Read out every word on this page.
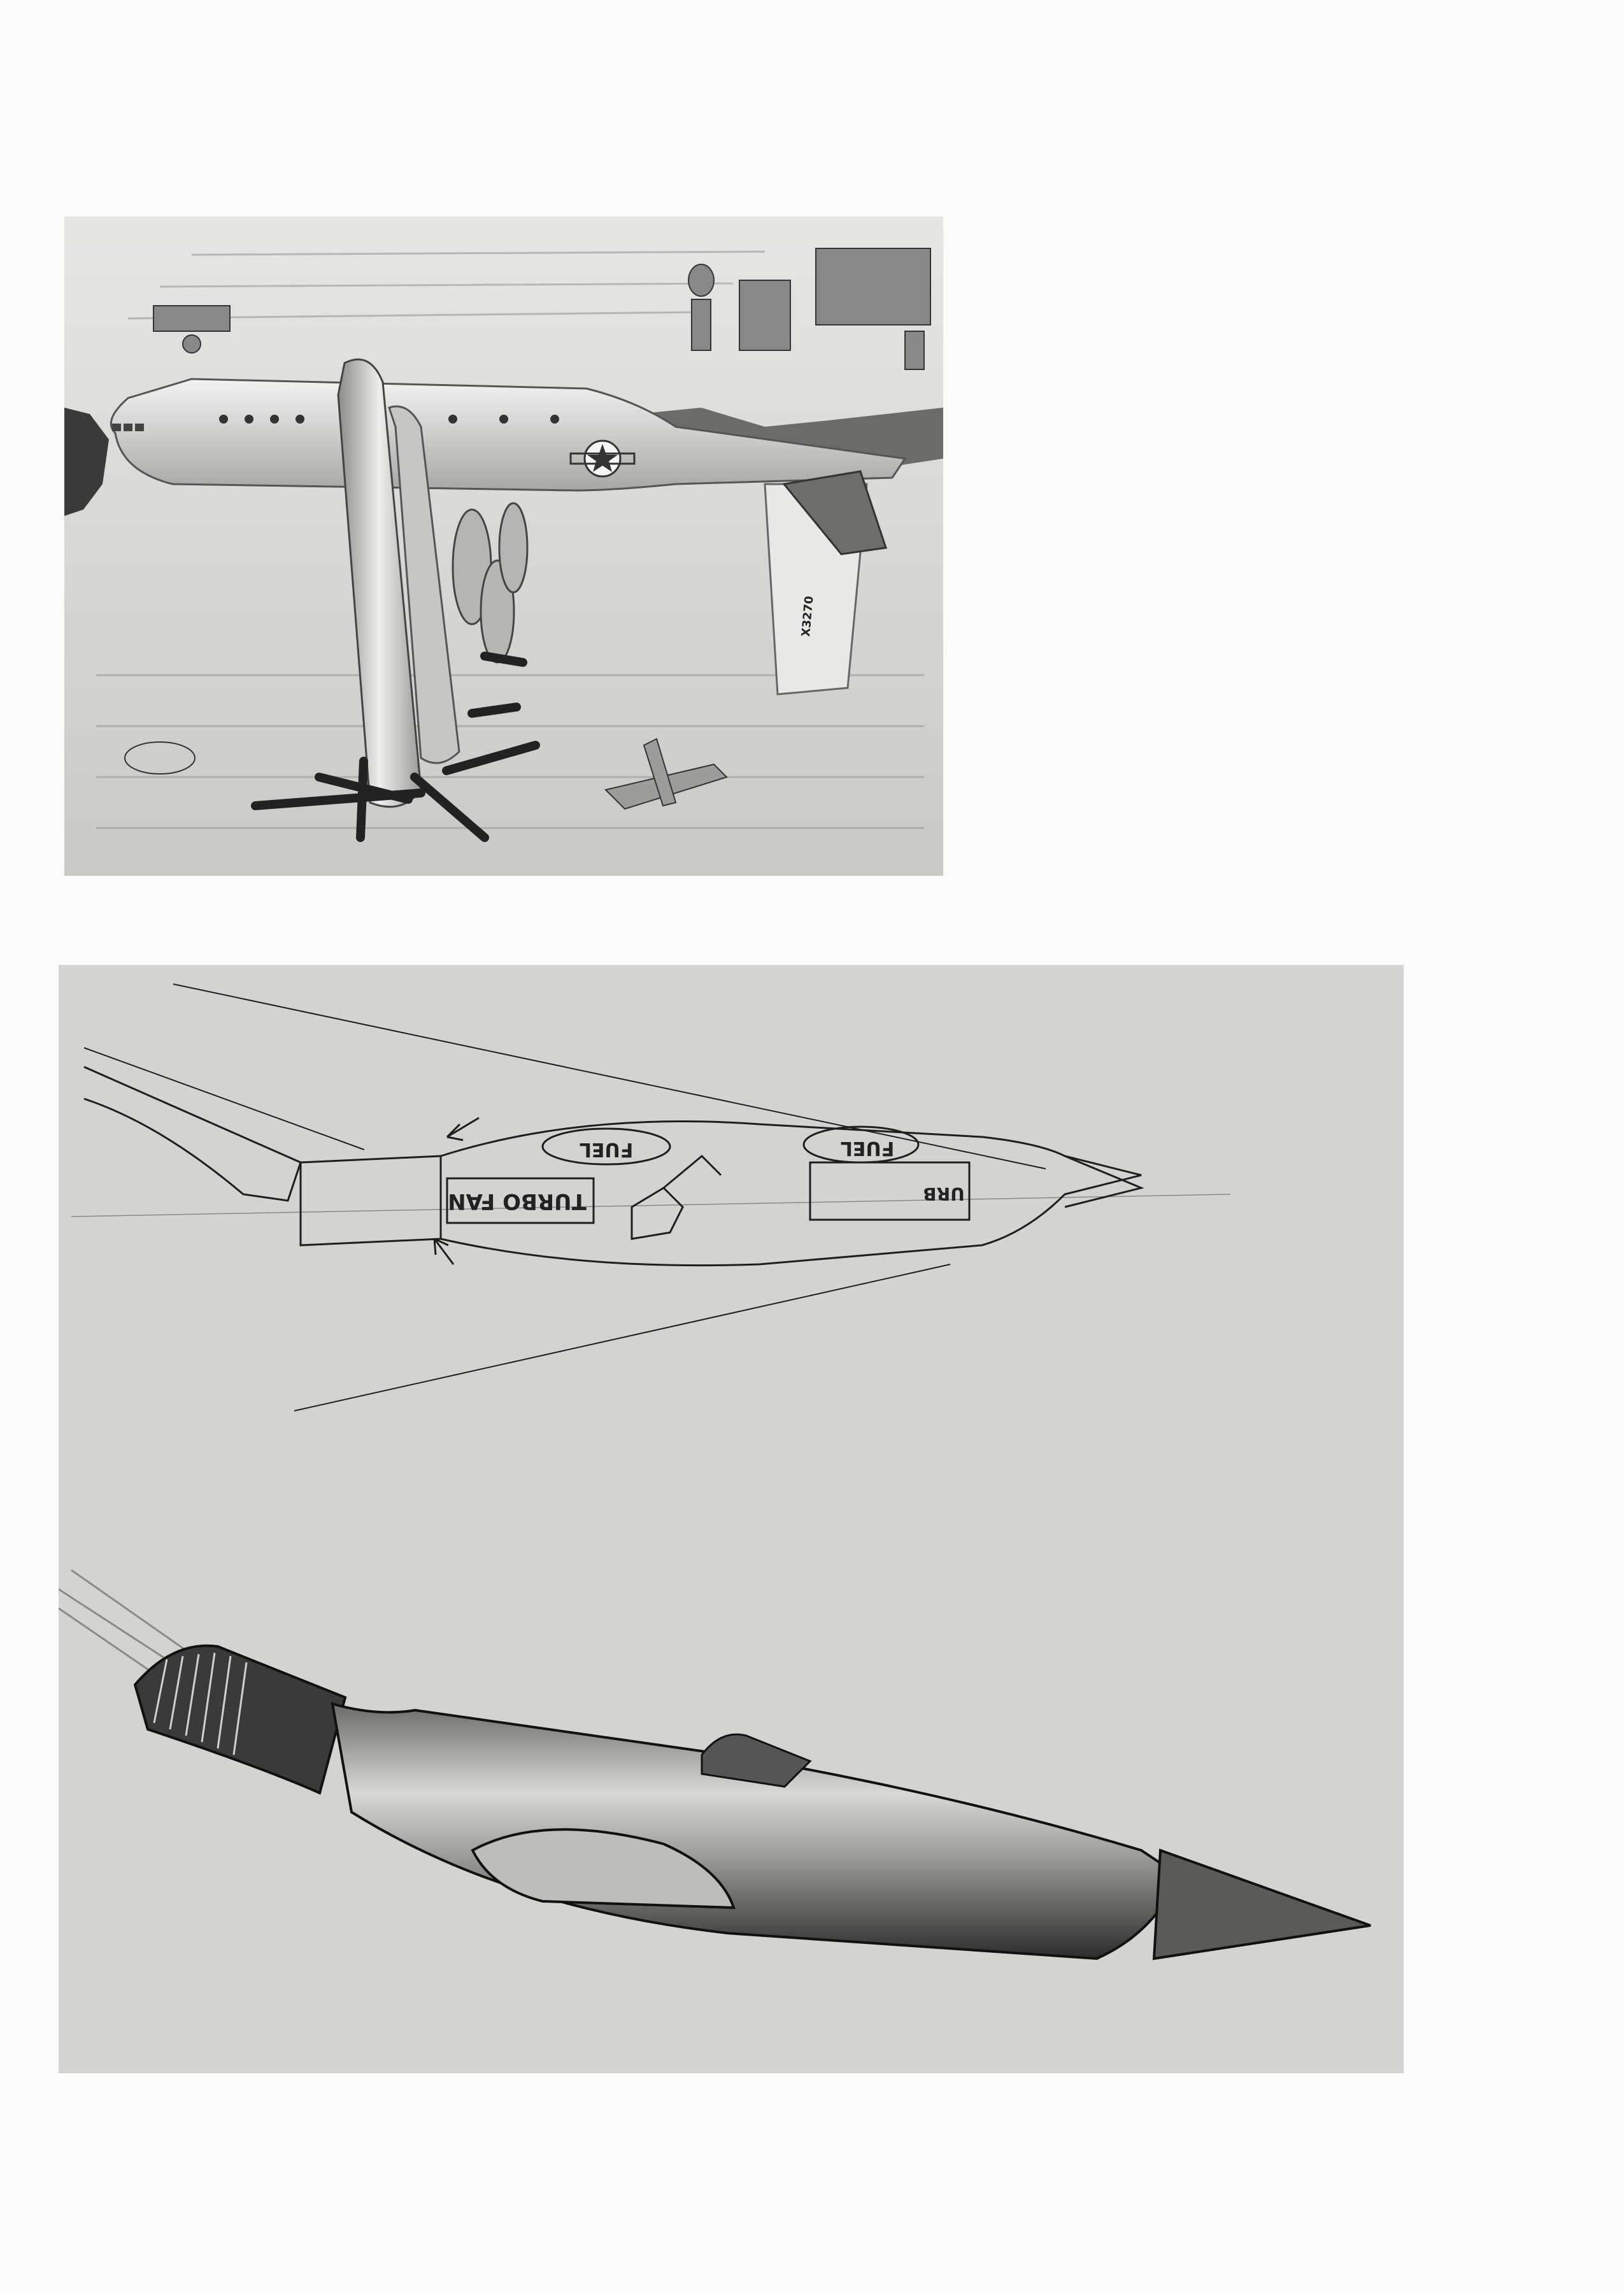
X3270
TURBO FAN
FUEL	FUEL
URB
